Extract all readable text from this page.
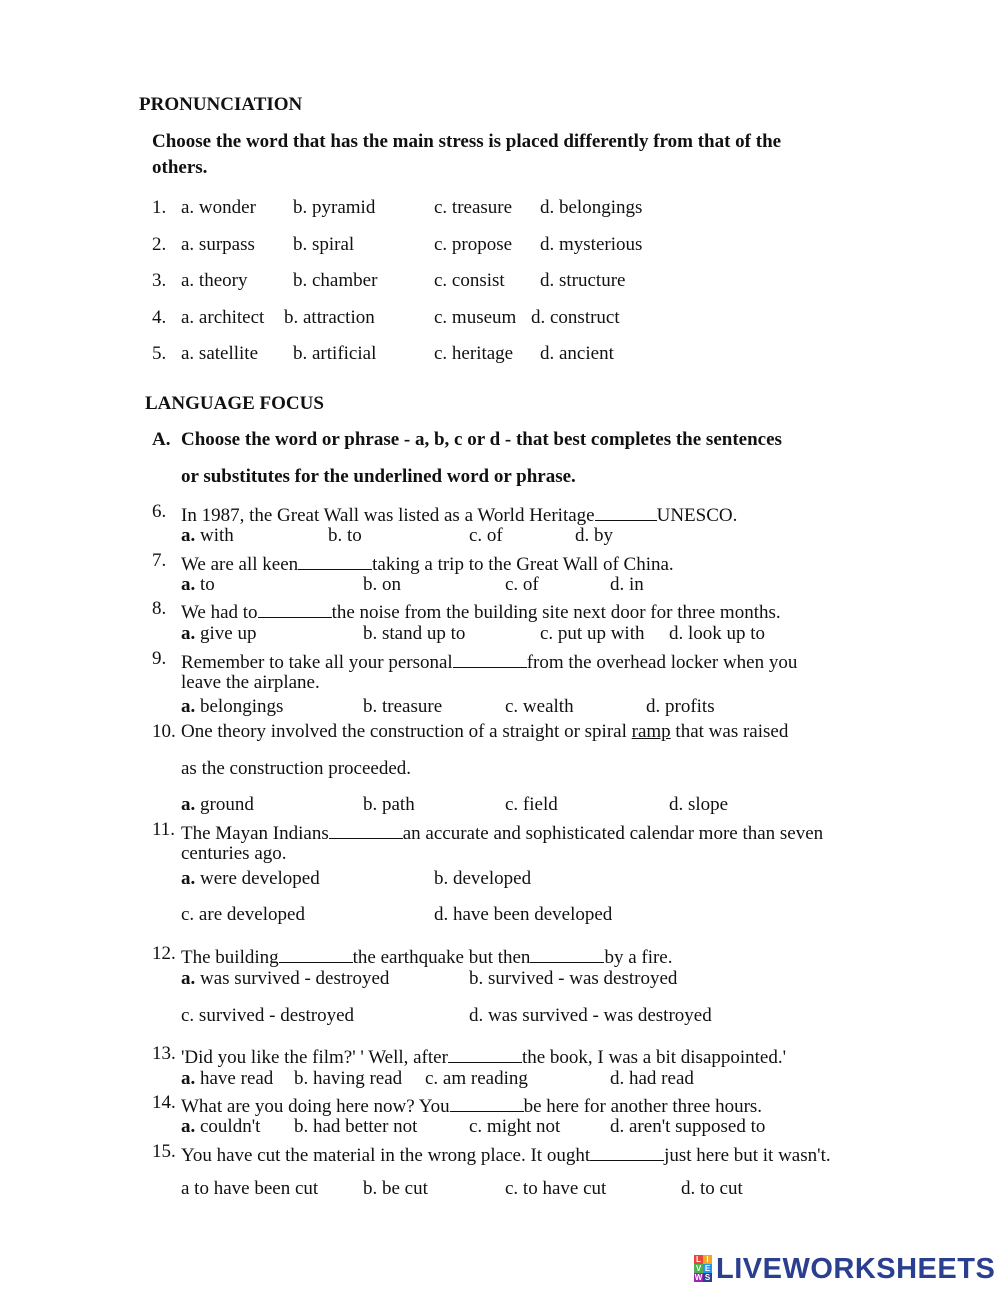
PRONUNCIATION
Choose the word that has the main stress is placed differently from that of the
others.
1. a. wonder b. pyramid	c. treasure d. belongings
2. a. surpass b. spiral	c. propose d. mysterious
3. a. theory b. chamber	c. consist d. structure
4. a. architect b. attraction	c. museum d. construct
5. a. satellite b. artificial	c. heritage d. ancient
LANGUAGE FOCUS
A. Choose the word or phrase - a, b, c or d - that best completes the sentences
or substitutes for the underlined word or phrase.
6. In 1987, the Great Wall was listed as a World Heritage	UNESCO.
a. with	b. to	c. of	d. by
7. We are all keen	taking a trip to the Great Wall of China.
a. to	b. on	c. of	d. in
8. We had to	the noise from the building site next door for three months.
a. give up	b. stand up to	c. put up with d. look up to
9. Remember to take all your personal	from the overhead locker when you
leave the airplane.
a. belongings	b. treasure	c. wealth	d. profits
10. One theory involved the construction of a straight or spiral ramp that was raised
as the construction proceeded.
a. ground	b. path	c. field	d. slope
11. The Mayan Indians	an accurate and sophisticated calendar more than seven
centuries ago.
a. were developed	b. developed
c. are developed	d. have been developed
12. The building	the earthquake but then	by a fire.
a. was survived - destroyed	b. survived - was destroyed
c. survived - destroyed	d. was survived - was destroyed
13. 'Did you like the film?' ' Well, after	the book, I was a bit disappointed.'
a. have read b. having read c. am reading	d. had read
14. What are you doing here now? You	be here for another three hours.
a. couldn't b. had better not	c. might not	d. aren't supposed to
15. You have cut the material in the wrong place. It ought	just here but it wasn't.
a to have been cut b. be cut	c. to have cut	d. to cut
L I
V E
W S LIVEWORKSHEETS
